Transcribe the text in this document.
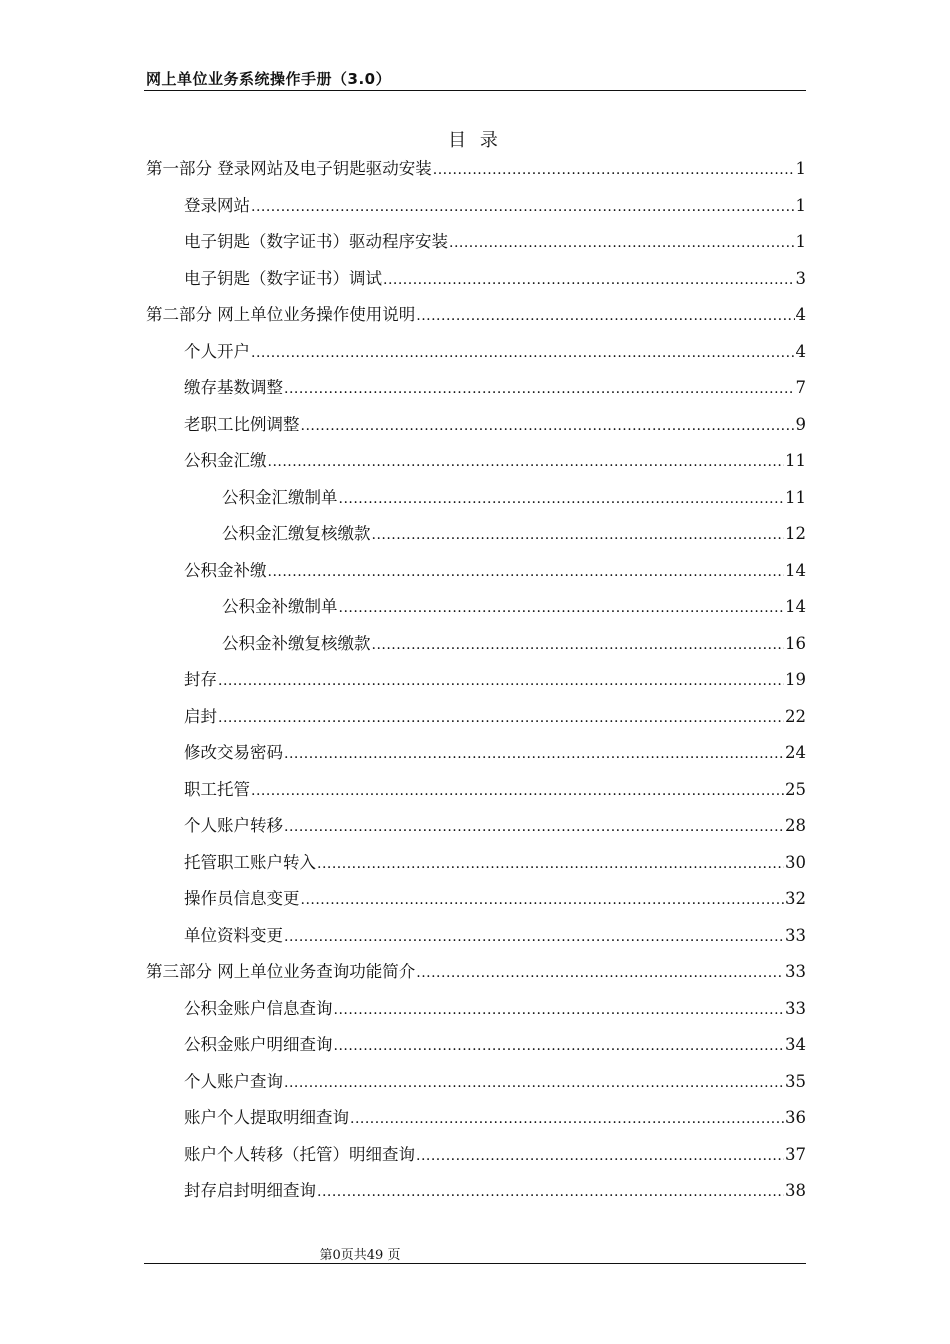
网上单位业务系统操作手册（3.0）
目 录
第一部分 登录网站及电子钥匙驱动安装 .....	1
登录网站 .....	1
电子钥匙（数字证书）驱动程序安装 .....	1
电子钥匙（数字证书）调试 .....	3
第二部分 网上单位业务操作使用说明 .....	4
个人开户 .....	4
缴存基数调整 .....	7
老职工比例调整 .....	9
公积金汇缴 .....	11
公积金汇缴制单 .....	11
公积金汇缴复核缴款 .....	12
公积金补缴 .....	14
公积金补缴制单 .....	14
公积金补缴复核缴款 .....	16
封存 .....	19
启封 .....	22
修改交易密码 .....	24
职工托管 .....	25
个人账户转移 .....	28
托管职工账户转入 .....	30
操作员信息变更 .....	32
单位资料变更 .....	33
第三部分 网上单位业务查询功能简介 .....	33
公积金账户信息查询 .....	33
公积金账户明细查询 .....	34
个人账户查询 .....	35
账户个人提取明细查询 .....	36
账户个人转移（托管）明细查询 .....	37
封存启封明细查询 .....	38
第0页共49 页
